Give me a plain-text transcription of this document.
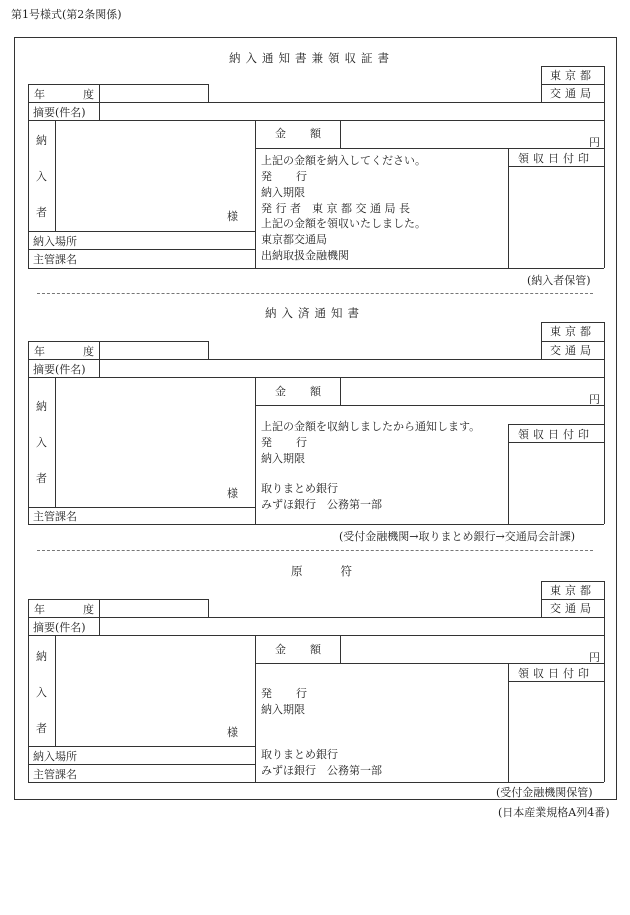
第1号様式(第2条関係)
納入通知書兼領収証書
東京都
交通局
年	度
摘要(件名)
納
入
者	様
納入場所
主管課名
金 額
円
領収日付印
上記の金額を納入してください。
発 行
納入期限
発 行 者　東 京 都 交 通 局 長
上記の金額を領収いたしました。
東京都交通局
出納取扱金融機関
(納入者保管)
納入済通知書
東京都
交通局
年	度
摘要(件名)
納
入
者
様
主管課名
金 額
円
領収日付印
上記の金額を収納しましたから通知します。
発 行
納入期限
取りまとめ銀行
みずほ銀行　公務第一部
(受付金融機関→取りまとめ銀行→交通局会計課)
原　　符
東京都
交通局
年	度
摘要(件名)
納
入
者	様
納入場所
主管課名
金 額
円
領収日付印
発 行
納入期限
取りまとめ銀行
みずほ銀行　公務第一部
(受付金融機関保管)
(日本産業規格A列4番)
